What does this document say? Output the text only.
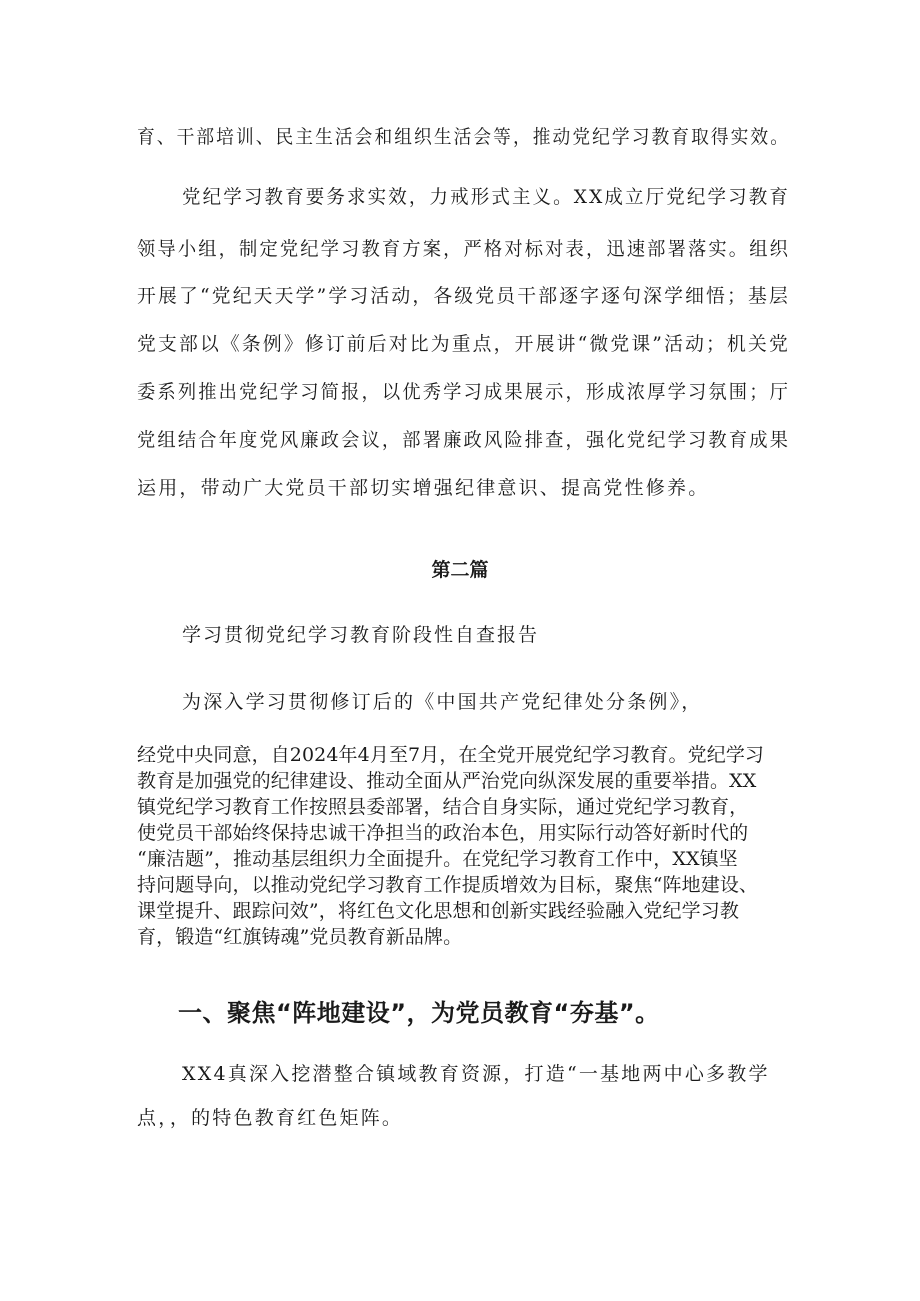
育、干部培训、民主生活会和组织生活会等，推动党纪学习教育取得实效。
党纪学习教育要务求实效，力戒形式主义。XX成立厅党纪学习教育
领导小组，制定党纪学习教育方案，严格对标对表，迅速部署落实。组织
开展了“党纪天天学”学习活动，各级党员干部逐字逐句深学细悟；基层
党支部以《条例》修订前后对比为重点，开展讲“微党课”活动；机关党
委系列推出党纪学习简报，以优秀学习成果展示，形成浓厚学习氛围；厅
党组结合年度党风廉政会议，部署廉政风险排查，强化党纪学习教育成果
运用，带动广大党员干部切实增强纪律意识、提高党性修养。
第二篇
学习贯彻党纪学习教育阶段性自查报告
为深入学习贯彻修订后的《中国共产党纪律处分条例》，
经党中央同意，自2024年4月至7月，在全党开展党纪学习教育。党纪学习
教育是加强党的纪律建设、推动全面从严治党向纵深发展的重要举措。XX
镇党纪学习教育工作按照县委部署，结合自身实际，通过党纪学习教育，
使党员干部始终保持忠诚干净担当的政治本色，用实际行动答好新时代的
“廉洁题”，推动基层组织力全面提升。在党纪学习教育工作中，XX镇坚
持问题导向，以推动党纪学习教育工作提质增效为目标，聚焦“阵地建设、
课堂提升、跟踪问效”，将红色文化思想和创新实践经验融入党纪学习教
育，锻造“红旗铸魂”党员教育新品牌。
一、聚焦“阵地建设”，为党员教育“夯基”。
XX4真深入挖潜整合镇域教育资源，打造“一基地两中心多教学
点，，的特色教育红色矩阵。
